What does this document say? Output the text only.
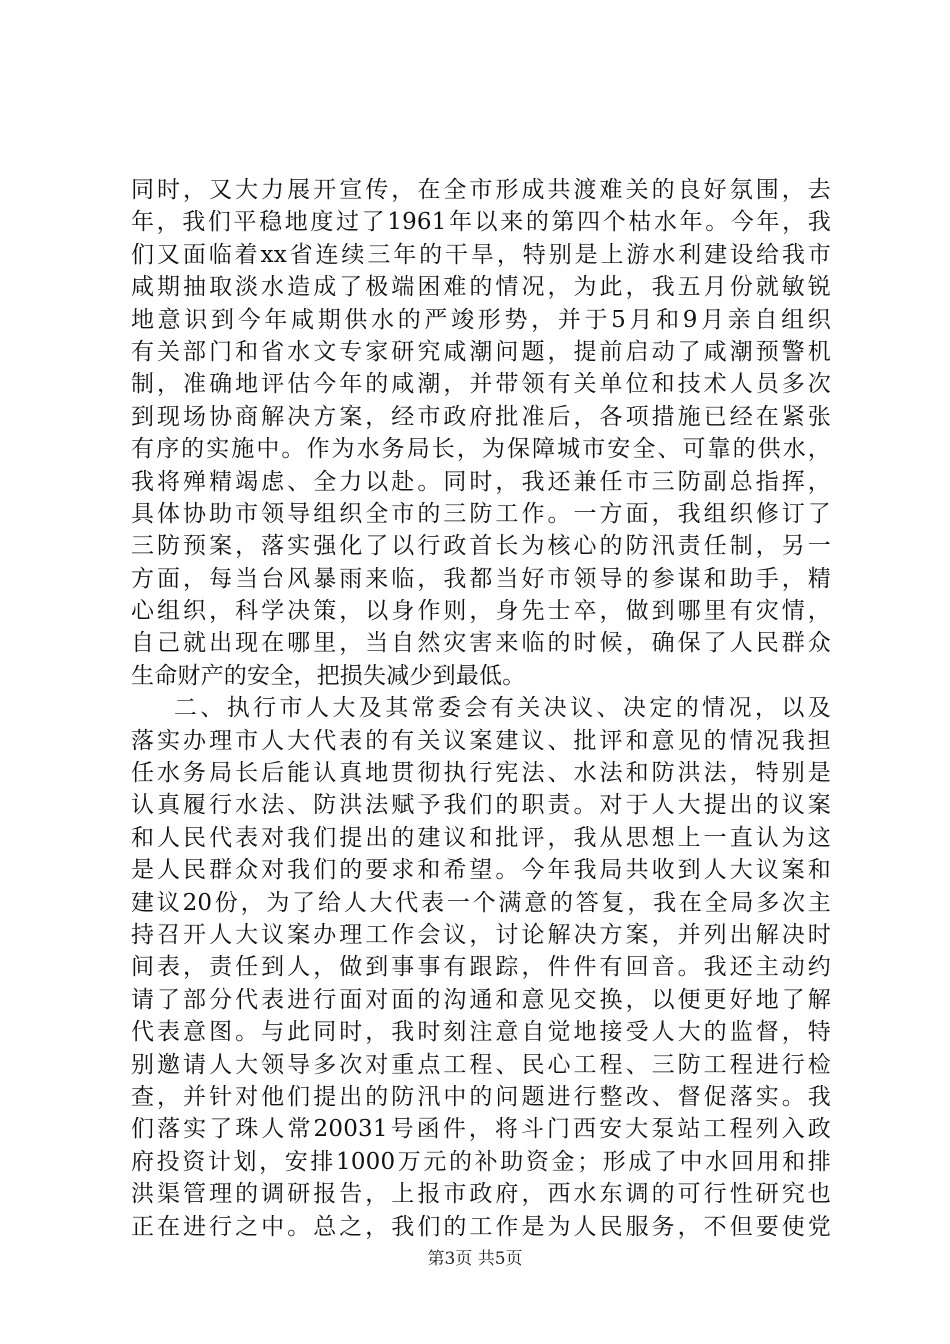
同时，又大力展开宣传，在全市形成共渡难关的良好氛围，去
年，我们平稳地度过了1961年以来的第四个枯水年。今年，我
们又面临着xx省连续三年的干旱，特别是上游水利建设给我市
咸期抽取淡水造成了极端困难的情况，为此，我五月份就敏锐
地意识到今年咸期供水的严竣形势，并于5月和9月亲自组织
有关部门和省水文专家研究咸潮问题，提前启动了咸潮预警机
制，准确地评估今年的咸潮，并带领有关单位和技术人员多次
到现场协商解决方案，经市政府批准后，各项措施已经在紧张
有序的实施中。作为水务局长，为保障城市安全、可靠的供水，
我将殚精竭虑、全力以赴。同时，我还兼任市三防副总指挥，
具体协助市领导组织全市的三防工作。一方面，我组织修订了
三防预案，落实强化了以行政首长为核心的防汛责任制，另一
方面，每当台风暴雨来临，我都当好市领导的参谋和助手，精
心组织，科学决策，以身作则，身先士卒，做到哪里有灾情，
自己就出现在哪里，当自然灾害来临的时候，确保了人民群众
生命财产的安全，把损失减少到最低。
二、执行市人大及其常委会有关决议、决定的情况，以及
落实办理市人大代表的有关议案建议、批评和意见的情况我担
任水务局长后能认真地贯彻执行宪法、水法和防洪法，特别是
认真履行水法、防洪法赋予我们的职责。对于人大提出的议案
和人民代表对我们提出的建议和批评，我从思想上一直认为这
是人民群众对我们的要求和希望。今年我局共收到人大议案和
建议20份，为了给人大代表一个满意的答复，我在全局多次主
持召开人大议案办理工作会议，讨论解决方案，并列出解决时
间表，责任到人，做到事事有跟踪，件件有回音。我还主动约
请了部分代表进行面对面的沟通和意见交换，以便更好地了解
代表意图。与此同时，我时刻注意自觉地接受人大的监督，特
别邀请人大领导多次对重点工程、民心工程、三防工程进行检
查，并针对他们提出的防汛中的问题进行整改、督促落实。我
们落实了珠人常20031号函件，将斗门西安大泵站工程列入政
府投资计划，安排1000万元的补助资金；形成了中水回用和排
洪渠管理的调研报告，上报市政府，西水东调的可行性研究也
正在进行之中。总之，我们的工作是为人民服务，不但要使党
第3页 共5页
